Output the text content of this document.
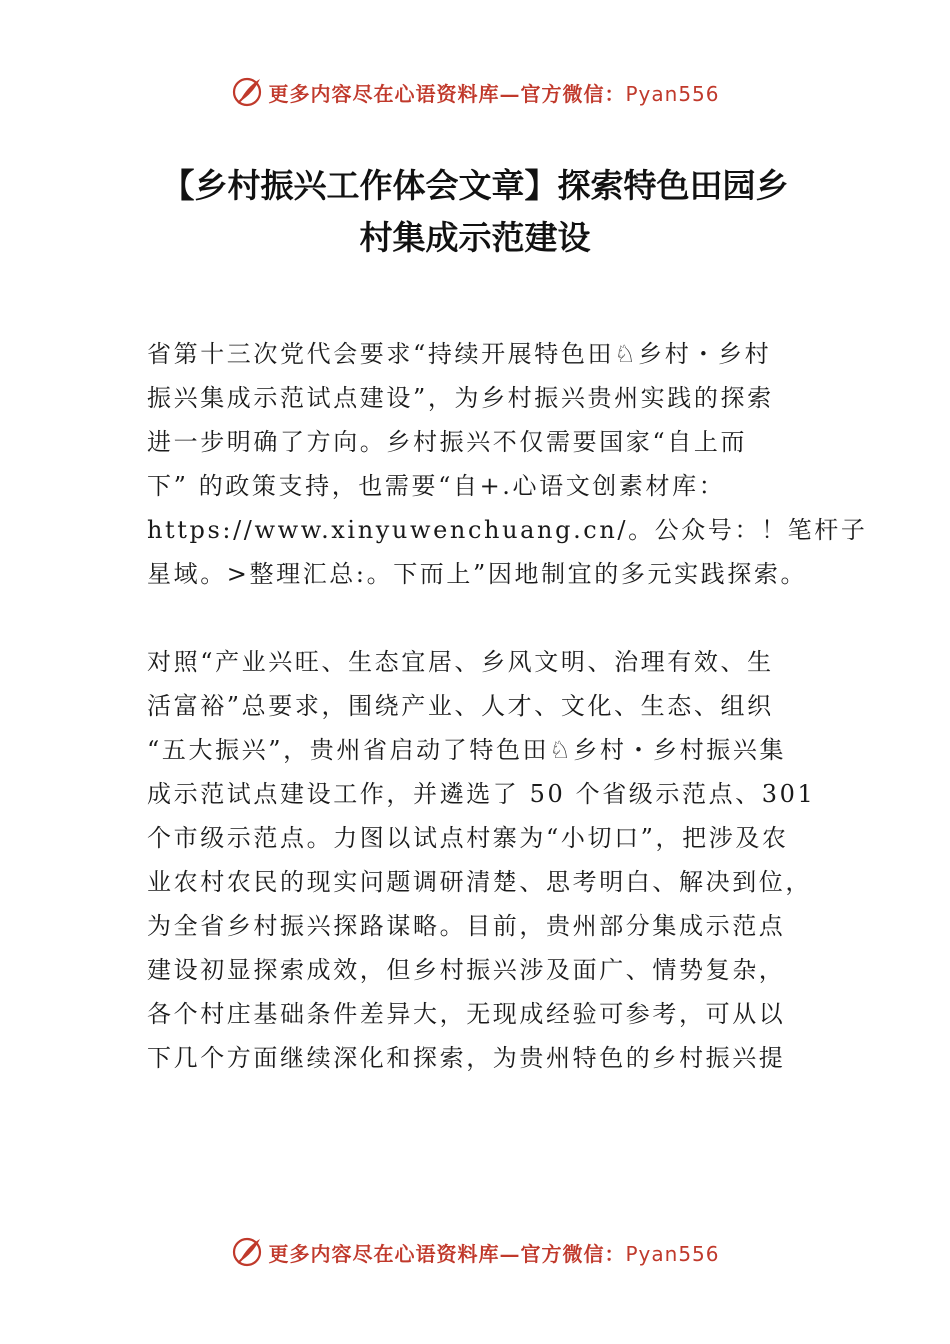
更多内容尽在心语资料库—官方微信：Pyan556
【乡村振兴工作体会文章】探索特色田园乡
村集成示范建设
省第十三次党代会要求“持续开展特色田♘乡村・乡村
振兴集成示范试点建设”，为乡村振兴贵州实践的探索
进一步明确了方向。乡村振兴不仅需要国家“自上而
下” 的政策支持，也需要“自+.心语文创素材库：
https://www.xinyuwenchuang.cn/。公众号：！笔杆子
星域。>整理汇总:。下而上”因地制宜的多元实践探索。
对照“产业兴旺、生态宜居、乡风文明、治理有效、生
活富裕”总要求，围绕产业、人才、文化、生态、组织
“五大振兴”，贵州省启动了特色田♘乡村・乡村振兴集
成示范试点建设工作，并遴选了 50 个省级示范点、301
个市级示范点。力图以试点村寨为“小切口”，把涉及农
业农村农民的现实问题调研清楚、思考明白、解决到位，
为全省乡村振兴探路谋略。目前，贵州部分集成示范点
建设初显探索成效，但乡村振兴涉及面广、情势复杂，
各个村庄基础条件差异大，无现成经验可参考，可从以
下几个方面继续深化和探索，为贵州特色的乡村振兴提
更多内容尽在心语资料库—官方微信：Pyan556
